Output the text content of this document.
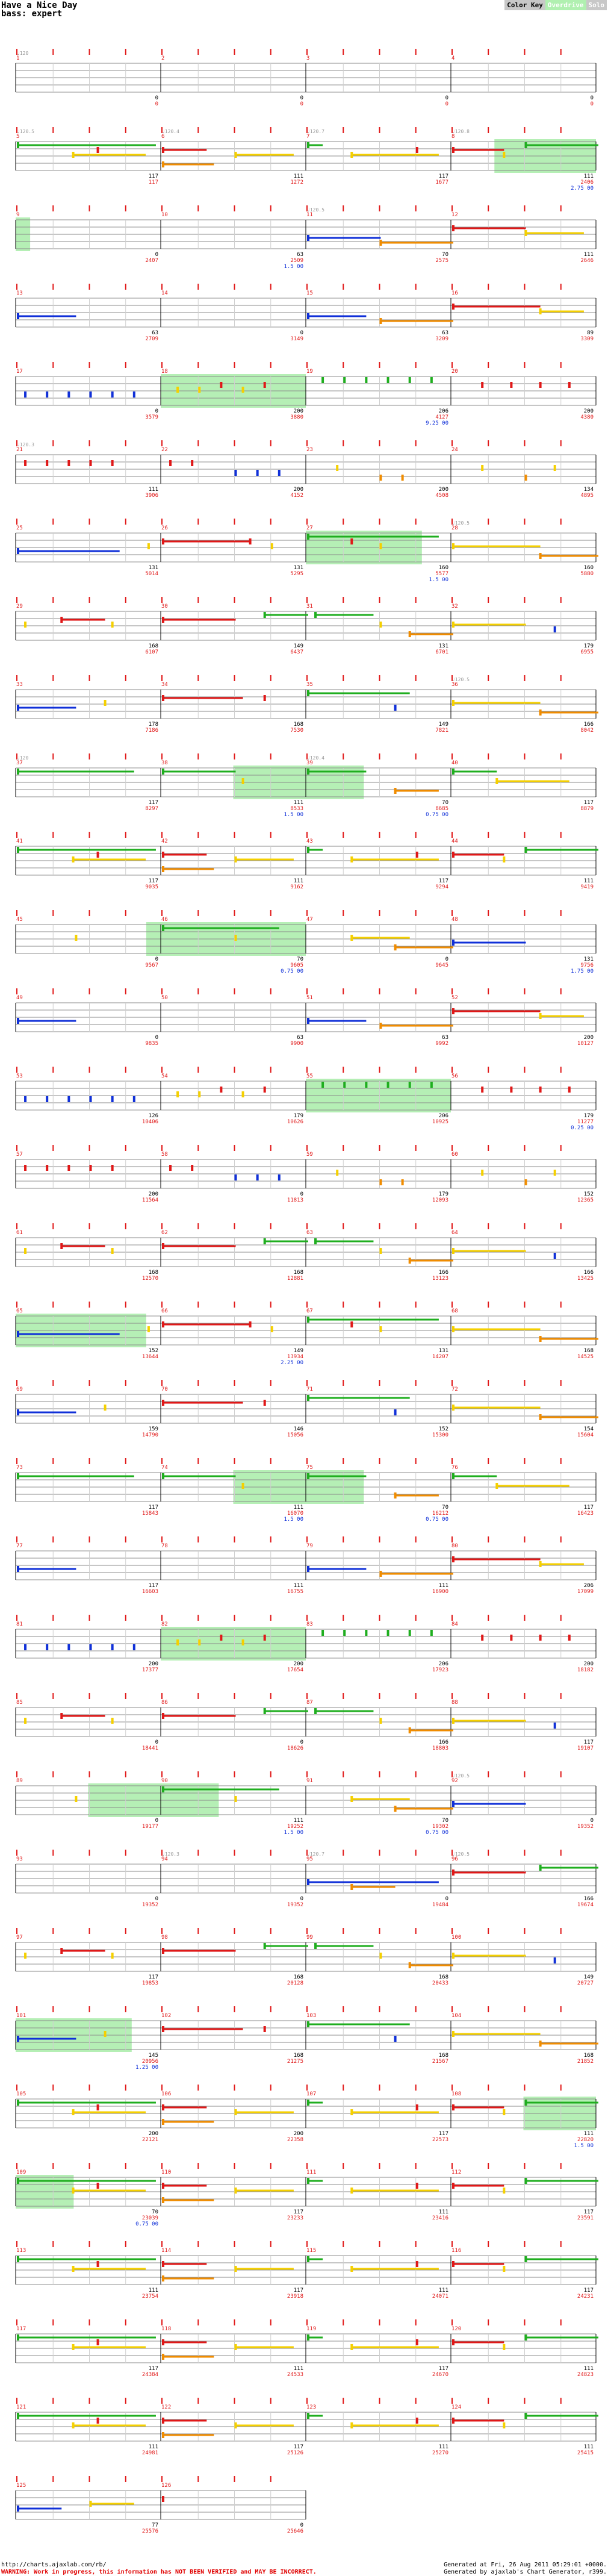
Have a Nice Day
bass: expert
Color Key Overdrive Solo
1
♩120
0
0
2
0
0
3
0
0
4
0
0
5
♩120.5
117
117
6
♩120.4
111
1272
7
♩120.7
117
1677
8
♩120.8
111
2406
2.75 00
9
0
2407
10
63
2509
1.5 00
11
♩120.5
70
2575
12
111
2646
13
63
2709
14
0
3149
15
63
3209
16
89
3309
17
0
3579
18
200
3880
19
206
4127
9.25 00
20
200
4380
21
♩120.3
111
3906
22
200
4152
23
200
4508
24
134
4895
25
131
5014
26
131
5295
27
160
5577
1.5 00
28
♩120.5
160
5880
29
168
6107
30
149
6437
31
131
6701
32
179
6955
33
178
7186
34
168
7530
35
149
7821
36
♩120.5
166
8042
37
♩120
117
8297
38
111
8533
1.5 00
39
♩120.4
70
8685
0.75 00
40
117
8879
41
117
9035
42
111
9162
43
117
9294
44
111
9419
45
0
9567
46
70
9605
0.75 00
47
0
9645
48
131
9756
1.75 00
49
0
9835
50
63
9900
51
63
9992
52
200
10127
53
126
10406
54
179
10626
55
206
10925
56
179
11277
0.25 00
57
200
11564
58
0
11813
59
179
12093
60
152
12365
61
168
12570
62
168
12881
63
166
13123
64
166
13425
65
152
13644
66
149
13934
2.25 00
67
131
14207
68
168
14525
69
159
14790
70
146
15056
71
152
15300
72
154
15604
73
117
15843
74
111
16070
1.5 00
75
70
16212
0.75 00
76
117
16423
77
117
16603
78
111
16755
79
111
16900
80
206
17099
81
200
17377
82
200
17654
83
206
17923
84
200
18182
85
0
18441
86
0
18626
87
166
18803
88
117
19107
89
0
19177
90
111
19252
1.5 00
91
70
19302
0.75 00
92
♩120.5
0
19352
93
0
19352
94
♩120.3
0
19352
95
♩120.7
0
19484
96
♩120.5
166
19674
97
117
19853
98
168
20128
99
168
20433
100
149
20727
101
145
20956
1.25 00
102
168
21275
103
168
21567
104
168
21852
105
200
22121
106
200
22358
107
117
22573
108
111
22820
1.5 00
109
70
23039
0.75 00
110
117
23233
111
111
23416
112
117
23591
113
111
23754
114
117
23918
115
111
24071
116
117
24231
117
117
24384
118
111
24533
119
117
24670
120
111
24823
121
111
24981
122
117
25126
123
111
25270
124
111
25415
125
77
25576
126
0
25646
http://charts.ajaxlab.com/rb/
WARNING: Work in progress, this information has NOT BEEN VERIFIED and MAY BE INCORRECT.
Generated at Fri, 26 Aug 2011 05:29:01 +0000.
Generated by ajaxlab's Chart Generator, r399.
